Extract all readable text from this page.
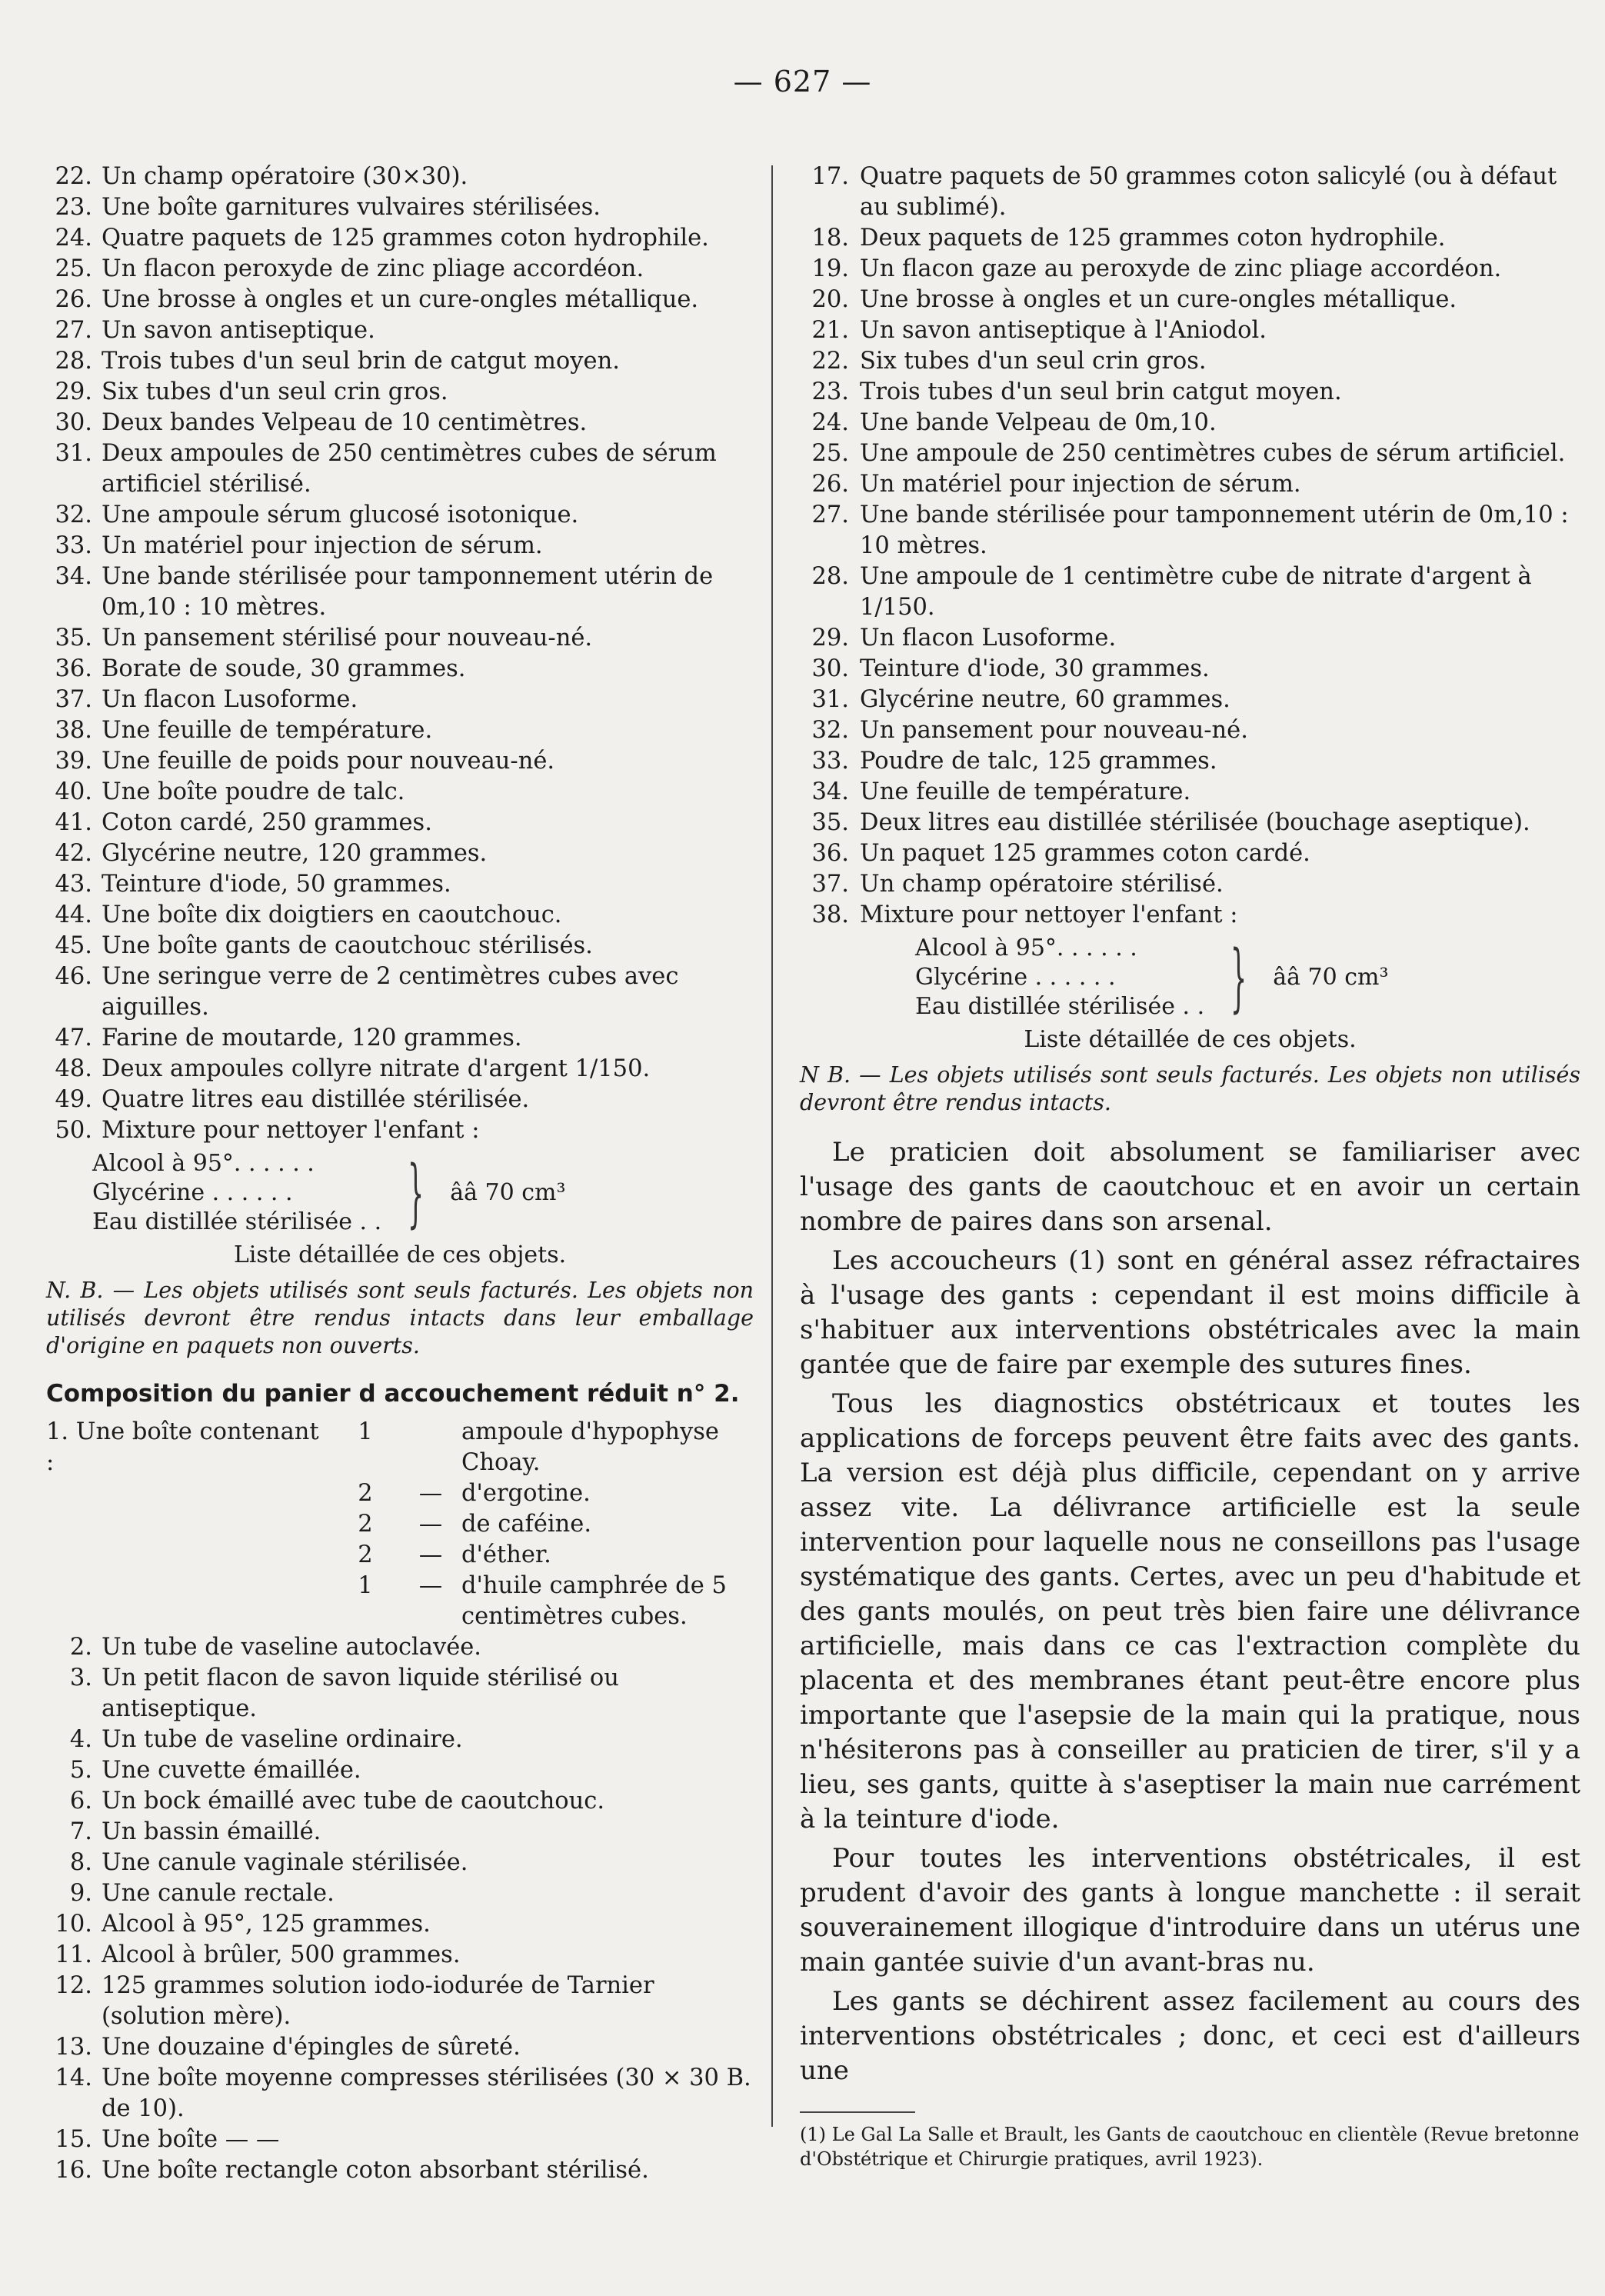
— 627 —
22. Un champ opératoire (30×30).
23. Une boîte garnitures vulvaires stérilisées.
24. Quatre paquets de 125 grammes coton hydrophile.
25. Un flacon peroxyde de zinc pliage accordéon.
26. Une brosse à ongles et un cure-ongles métallique.
27. Un savon antiseptique.
28. Trois tubes d'un seul brin de catgut moyen.
29. Six tubes d'un seul crin gros.
30. Deux bandes Velpeau de 10 centimètres.
31. Deux ampoules de 250 centimètres cubes de sérum artificiel stérilisé.
32. Une ampoule sérum glucosé isotonique.
33. Un matériel pour injection de sérum.
34. Une bande stérilisée pour tamponnement utérin de 0m,10 : 10 mètres.
35. Un pansement stérilisé pour nouveau-né.
36. Borate de soude, 30 grammes.
37. Un flacon Lusoforme.
38. Une feuille de température.
39. Une feuille de poids pour nouveau-né.
40. Une boîte poudre de talc.
41. Coton cardé, 250 grammes.
42. Glycérine neutre, 120 grammes.
43. Teinture d'iode, 50 grammes.
44. Une boîte dix doigtiers en caoutchouc.
45. Une boîte gants de caoutchouc stérilisés.
46. Une seringue verre de 2 centimètres cubes avec aiguilles.
47. Farine de moutarde, 120 grammes.
48. Deux ampoules collyre nitrate d'argent 1/150.
49. Quatre litres eau distillée stérilisée.
50. Mixture pour nettoyer l'enfant :
Alcool à 95°. . . . . .
Glycérine . . . . . .
Eau distillée stérilisée . . } ââ 70 cm³
Liste détaillée de ces objets.
N. B. — Les objets utilisés sont seuls facturés. Les objets non utilisés devront être rendus intacts dans leur emballage d'origine en paquets non ouverts.
Composition du panier d accouchement réduit n° 2.
1. Une boîte contenant :
1	ampoule d'hypophyse Choay.
2	— d'ergotine.
2	— de caféine.
2	— d'éther.
1	— d'huile camphrée de 5 centimètres cubes.
2. Un tube de vaseline autoclavée.
3. Un petit flacon de savon liquide stérilisé ou antiseptique.
4. Un tube de vaseline ordinaire.
5. Une cuvette émaillée.
6. Un bock émaillé avec tube de caoutchouc.
7. Un bassin émaillé.
8. Une canule vaginale stérilisée.
9. Une canule rectale.
10. Alcool à 95°, 125 grammes.
11. Alcool à brûler, 500 grammes.
12. 125 grammes solution iodo-iodurée de Tarnier (solution mère).
13. Une douzaine d'épingles de sûreté.
14. Une boîte moyenne compresses stérilisées (30 × 30 B. de 10).
15. Une boîte — —
16. Une boîte rectangle coton absorbant stérilisé.
17. Quatre paquets de 50 grammes coton salicylé (ou à défaut au sublimé).
18. Deux paquets de 125 grammes coton hydrophile.
19. Un flacon gaze au peroxyde de zinc pliage accordéon.
20. Une brosse à ongles et un cure-ongles métallique.
21. Un savon antiseptique à l'Aniodol.
22. Six tubes d'un seul crin gros.
23. Trois tubes d'un seul brin catgut moyen.
24. Une bande Velpeau de 0m,10.
25. Une ampoule de 250 centimètres cubes de sérum artificiel.
26. Un matériel pour injection de sérum.
27. Une bande stérilisée pour tamponnement utérin de 0m,10 : 10 mètres.
28. Une ampoule de 1 centimètre cube de nitrate d'argent à 1/150.
29. Un flacon Lusoforme.
30. Teinture d'iode, 30 grammes.
31. Glycérine neutre, 60 grammes.
32. Un pansement pour nouveau-né.
33. Poudre de talc, 125 grammes.
34. Une feuille de température.
35. Deux litres eau distillée stérilisée (bouchage aseptique).
36. Un paquet 125 grammes coton cardé.
37. Un champ opératoire stérilisé.
38. Mixture pour nettoyer l'enfant :
Alcool à 95°. . . . . .
Glycérine . . . . . .
Eau distillée stérilisée . . } ââ 70 cm³
Liste détaillée de ces objets.
N B. — Les objets utilisés sont seuls facturés. Les objets non utilisés devront être rendus intacts.

Le praticien doit absolument se familiariser avec l'usage des gants de caoutchouc et en avoir un certain nombre de paires dans son arsenal.

Les accoucheurs (1) sont en général assez réfractaires à l'usage des gants : cependant il est moins difficile à s'habituer aux interventions obstétricales avec la main gantée que de faire par exemple des sutures fines.

Tous les diagnostics obstétricaux et toutes les applications de forceps peuvent être faits avec des gants. La version est déjà plus difficile, cependant on y arrive assez vite. La délivrance artificielle est la seule intervention pour laquelle nous ne conseillons pas l'usage systématique des gants. Certes, avec un peu d'habitude et des gants moulés, on peut très bien faire une délivrance artificielle, mais dans ce cas l'extraction complète du placenta et des membranes étant peut-être encore plus importante que l'asepsie de la main qui la pratique, nous n'hésiterons pas à conseiller au praticien de tirer, s'il y a lieu, ses gants, quitte à s'aseptiser la main nue carrément à la teinture d'iode.

Pour toutes les interventions obstétricales, il est prudent d'avoir des gants à longue manchette : il serait souverainement illogique d'introduire dans un utérus une main gantée suivie d'un avant-bras nu.

Les gants se déchirent assez facilement au cours des interventions obstétricales ; donc, et ceci est d'ailleurs une

(1) Le Gal La Salle et Brault, les Gants de caoutchouc en clientèle (Revue bretonne d'Obstétrique et Chirurgie pratiques, avril 1923).
